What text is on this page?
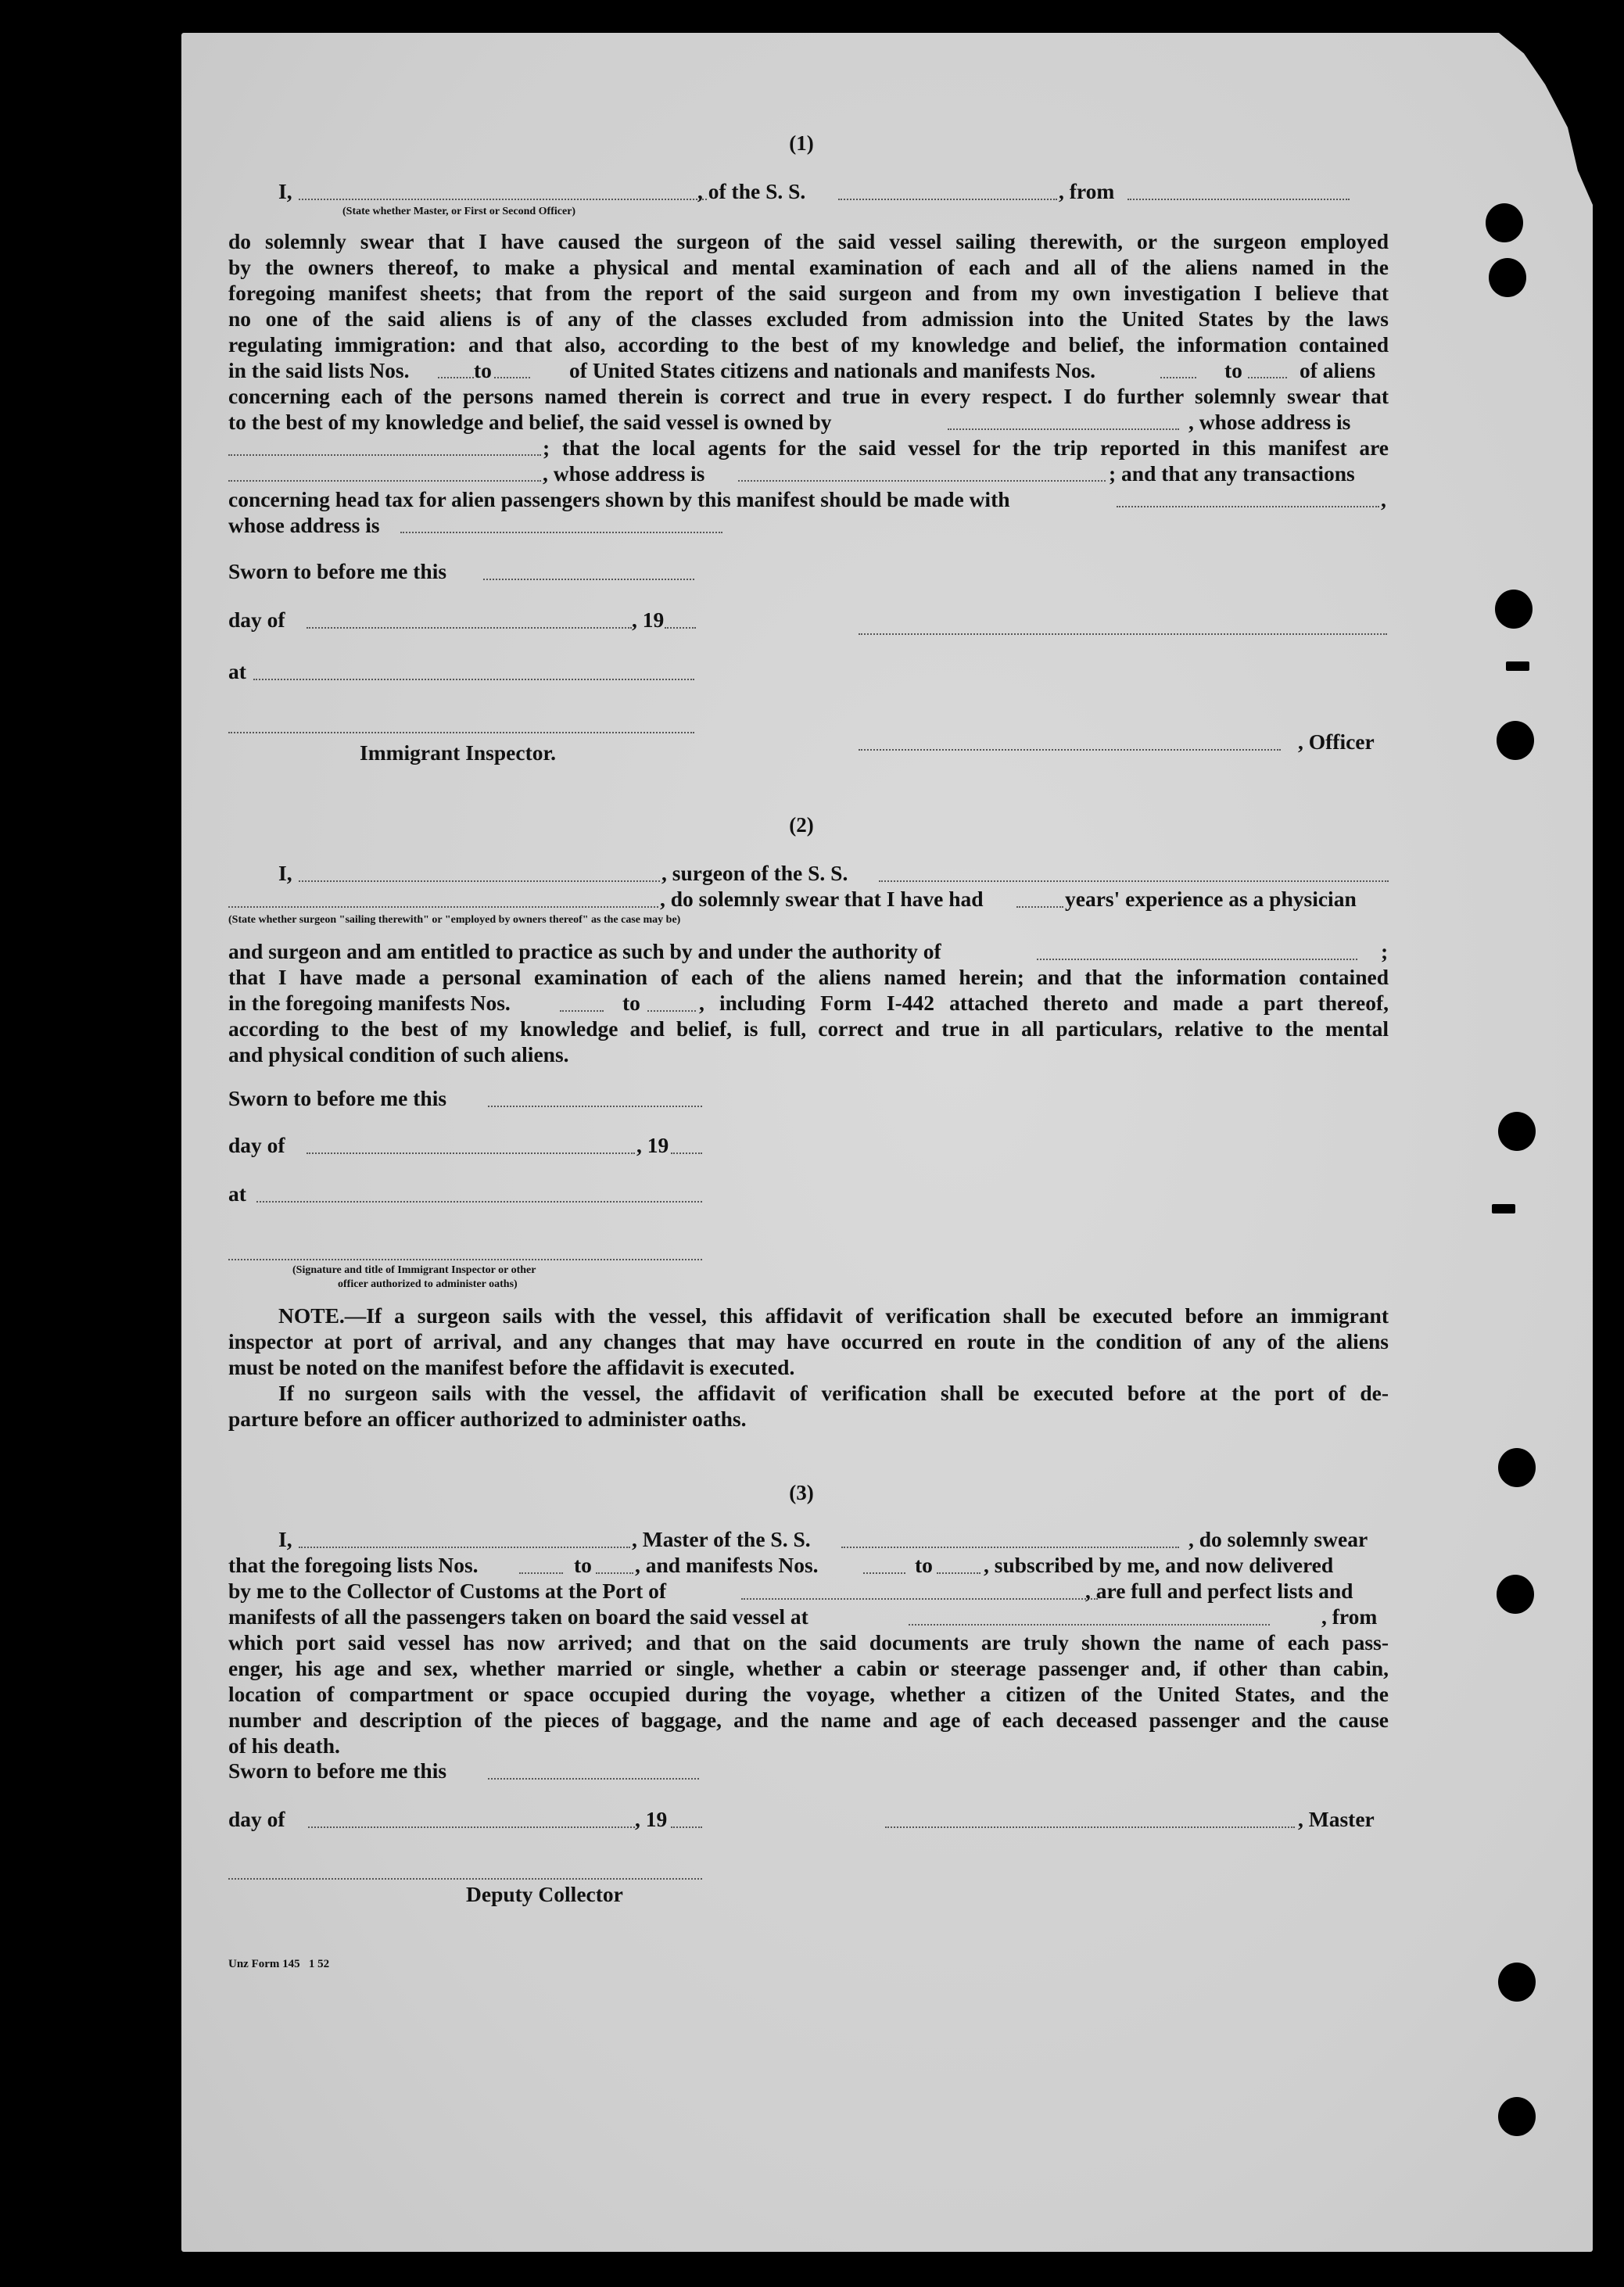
(1)
I,	, of the S. S.	, from
(State whether Master, or First or Second Officer)
do solemnly swear that I have caused the surgeon of the said vessel sailing therewith, or the surgeon employed
by the owners thereof, to make a physical and mental examination of each and all of the aliens named in the
foregoing manifest sheets; that from the report of the said surgeon and from my own investigation I believe that
no one of the said aliens is of any of the classes excluded from admission into the United States by the laws
regulating immigration: and that also, according to the best of my knowledge and belief, the information contained
in the said lists Nos.	to	of United States citizens and nationals and manifests Nos.	to	of aliens
concerning each of the persons named therein is correct and true in every respect. I do further solemnly swear that
to the best of my knowledge and belief, the said vessel is owned by	, whose address is
; that the local agents for the said vessel for the trip reported in this manifest are
, whose address is	; and that any transactions
concerning head tax for alien passengers shown by this manifest should be made with	,
whose address is
Sworn to before me this
day of	, 19
at
Immigrant Inspector.	, Officer
(2)
I,	, surgeon of the S. S.
, do solemnly swear that I have had	years' experience as a physician
(State whether surgeon "sailing therewith" or "employed by owners thereof" as the case may be)
and surgeon and am entitled to practice as such by and under the authority of	;
that I have made a personal examination of each of the aliens named herein; and that the information contained
in the foregoing manifests Nos.	to	, including Form I-442 attached thereto and made a part thereof,
according to the best of my knowledge and belief, is full, correct and true in all particulars, relative to the mental
and physical condition of such aliens.
Sworn to before me this
day of	, 19
at
(Signature and title of Immigrant Inspector or other
officer authorized to administer oaths)
NOTE.—If a surgeon sails with the vessel, this affidavit of verification shall be executed before an immigrant
inspector at port of arrival, and any changes that may have occurred en route in the condition of any of the aliens
must be noted on the manifest before the affidavit is executed.
If no surgeon sails with the vessel, the affidavit of verification shall be executed before at the port of de-
parture before an officer authorized to administer oaths.
(3)
I,	, Master of the S. S.	, do solemnly swear
that the foregoing lists Nos.	to , and manifests Nos.	to , subscribed by me, and now delivered
by me to the Collector of Customs at the Port of	, are full and perfect lists and
manifests of all the passengers taken on board the said vessel at	, from
which port said vessel has now arrived; and that on the said documents are truly shown the name of each pass-
enger, his age and sex, whether married or single, whether a cabin or steerage passenger and, if other than cabin,
location of compartment or space occupied during the voyage, whether a citizen of the United States, and the
number and description of the pieces of baggage, and the name and age of each deceased passenger and the cause
of his death.
Sworn to before me this
day of	, 19	, Master
Deputy Collector
Unz Form 145   1 52
